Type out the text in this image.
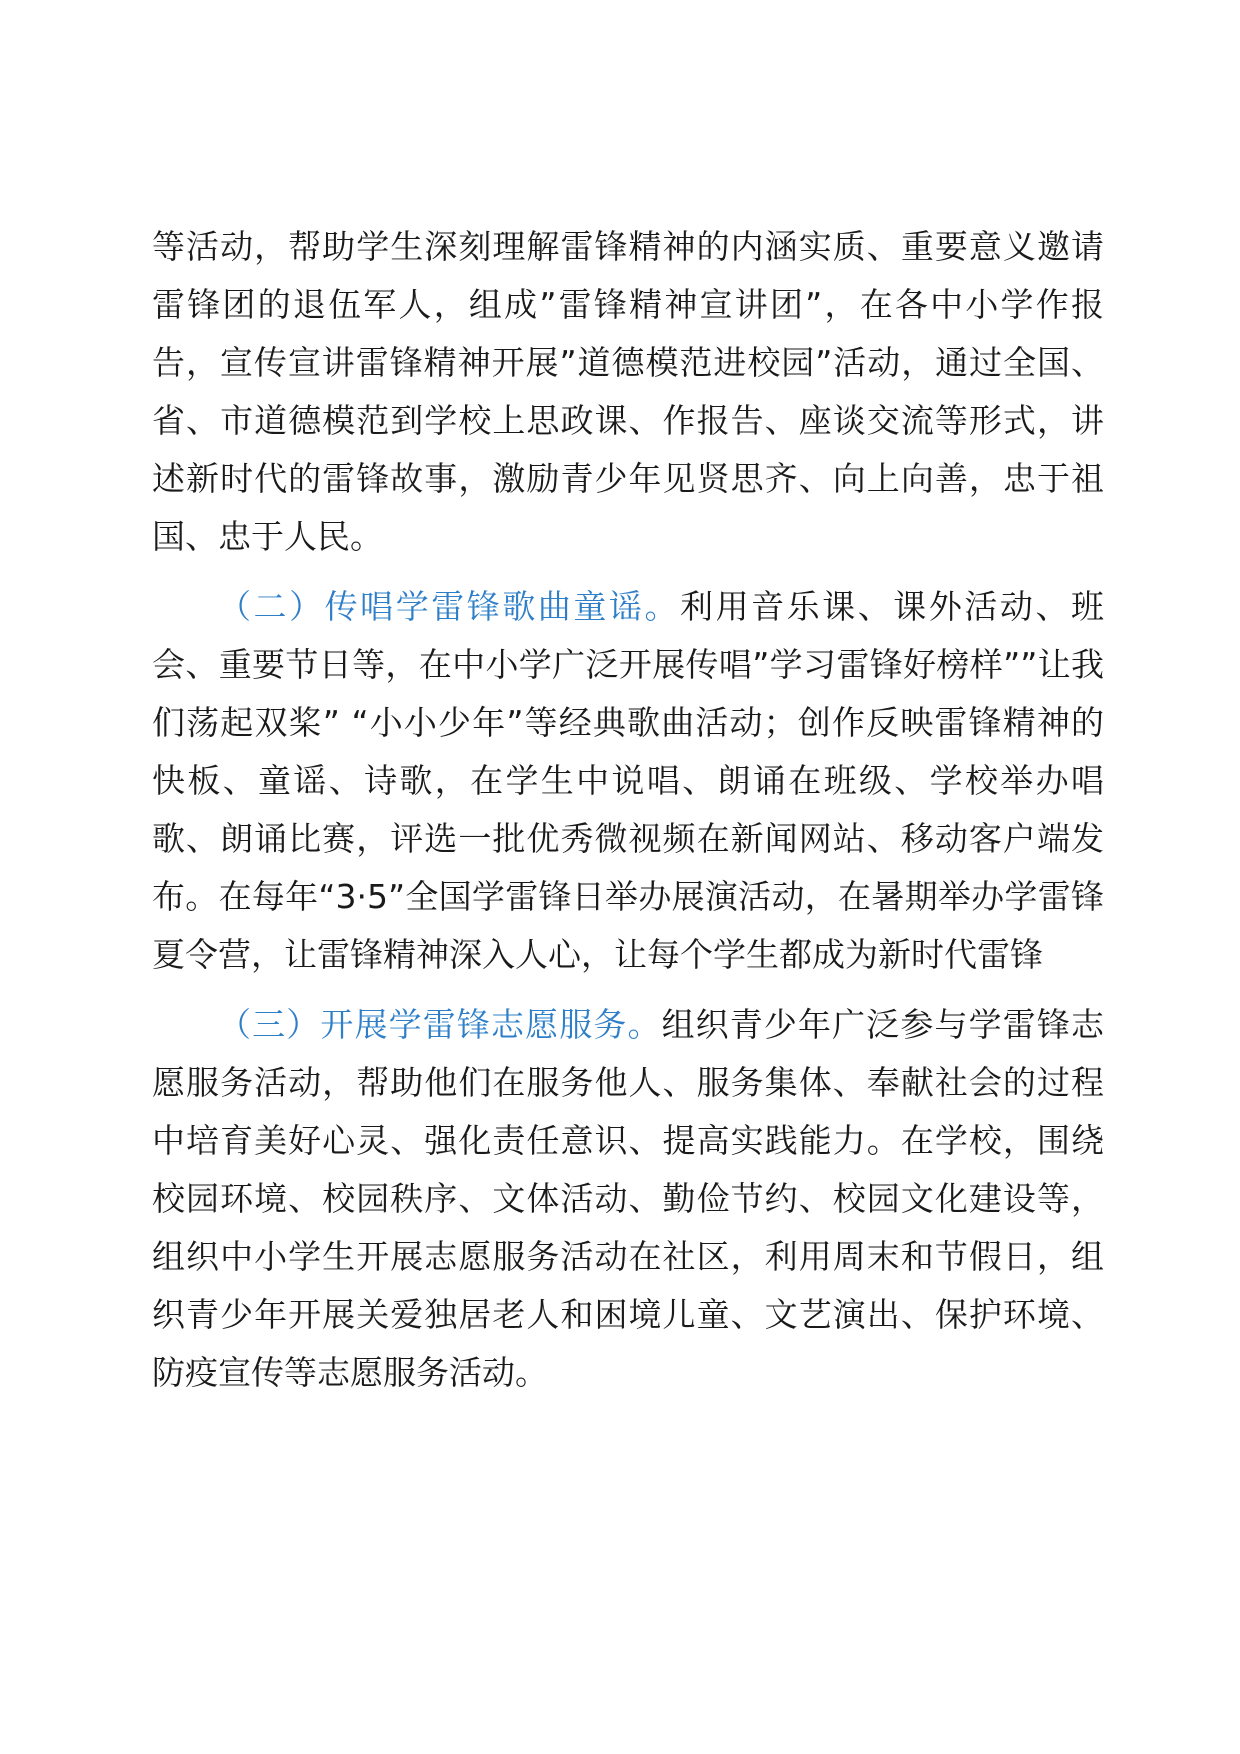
等活动，帮助学生深刻理解雷锋精神的内涵实质、重要意义邀请雷锋团的退伍军人，组成”雷锋精神宣讲团”，在各中小学作报告，宣传宣讲雷锋精神开展”道德模范进校园”活动，通过全国、省、市道德模范到学校上思政课、作报告、座谈交流等形式，讲述新时代的雷锋故事，激励青少年见贤思齐、向上向善，忠于祖国、忠于人民。

（二）传唱学雷锋歌曲童谣。利用音乐课、课外活动、班会、重要节日等，在中小学广泛开展传唱”学习雷锋好榜样””让我们荡起双桨” “小小少年”等经典歌曲活动；创作反映雷锋精神的快板、童谣、诗歌，在学生中说唱、朗诵在班级、学校举办唱歌、朗诵比赛，评选一批优秀微视频在新闻网站、移动客户端发布。在每年“3·5”全国学雷锋日举办展演活动，在暑期举办学雷锋夏令营，让雷锋精神深入人心，让每个学生都成为新时代雷锋

（三）开展学雷锋志愿服务。组织青少年广泛参与学雷锋志愿服务活动，帮助他们在服务他人、服务集体、奉献社会的过程中培育美好心灵、强化责任意识、提高实践能力。在学校，围绕校园环境、校园秩序、文体活动、勤俭节约、校园文化建设等，组织中小学生开展志愿服务活动在社区，利用周末和节假日，组织青少年开展关爱独居老人和困境儿童、文艺演出、保护环境、防疫宣传等志愿服务活动。
